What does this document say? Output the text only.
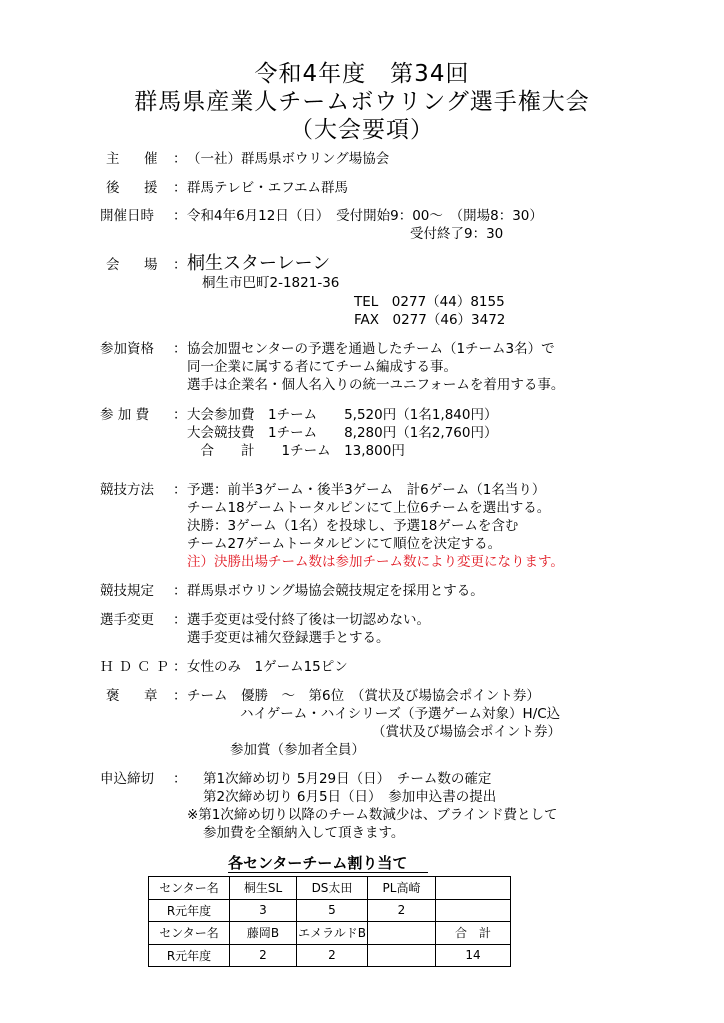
令和4年度　第34回
群馬県産業人チームボウリング選手権大会
（大会要項）
主 催 ： （一社）群馬県ボウリング場協会
後 援 ： 群馬テレビ・エフエム群馬
開催日時	： 令和4年6月12日（日）　受付開始9：00～　（開場8：30）
受付終了9：30
会 場 ： 桐生スターレーン
桐生市巴町2-1821-36
TEL　0277（44）8155
FAX　0277（46）3472
参加資格	： 協会加盟センターの予選を通過したチーム（1チーム3名）で
同一企業に属する者にてチーム編成する事。
選手は企業名・個人名入りの統一ユニフォームを着用する事。
参 加 費	： 大会参加費　1チーム　　5,520円（1名1,840円）
大会競技費　1チーム　　8,280円（1名2,760円）
　合　　計　　1チーム　13,800円
競技方法	： 予選：前半3ゲーム・後半3ゲーム　計6ゲーム（1名当り）
チーム18ゲームトータルピンにて上位6チームを選出する。
決勝：3ゲーム（1名）を投球し、予選18ゲームを含む
チーム27ゲームトータルピンにて順位を決定する。
注）決勝出場チーム数は参加チーム数により変更になります。
競技規定	： 群馬県ボウリング場協会競技規定を採用とする。
選手変更	： 選手変更は受付終了後は一切認めない。
選手変更は補欠登録選手とする。
ＨＤＣＰ ： 女性のみ　1ゲーム15ピン
褒 章 ： チーム　優勝　～　第6位　（賞状及び場協会ポイント券）
ハイゲーム・ハイシリーズ（予選ゲーム対象）H/C込
（賞状及び場協会ポイント券）
参加賞（参加者全員）
申込締切	： 第1次締め切り 5月29日（日）　チーム数の確定
第2次締め切り 6月5日（日）　参加申込書の提出
※第1次締め切り以降のチーム数減少は、ブラインド費として
参加費を全額納入して頂きます。
各センターチーム割り当て
センター名	桐生SL	DS太田	PL高崎	
R元年度	3	5	2	
センター名	藤岡B	エメラルドB		合　計
R元年度	2	2		14
